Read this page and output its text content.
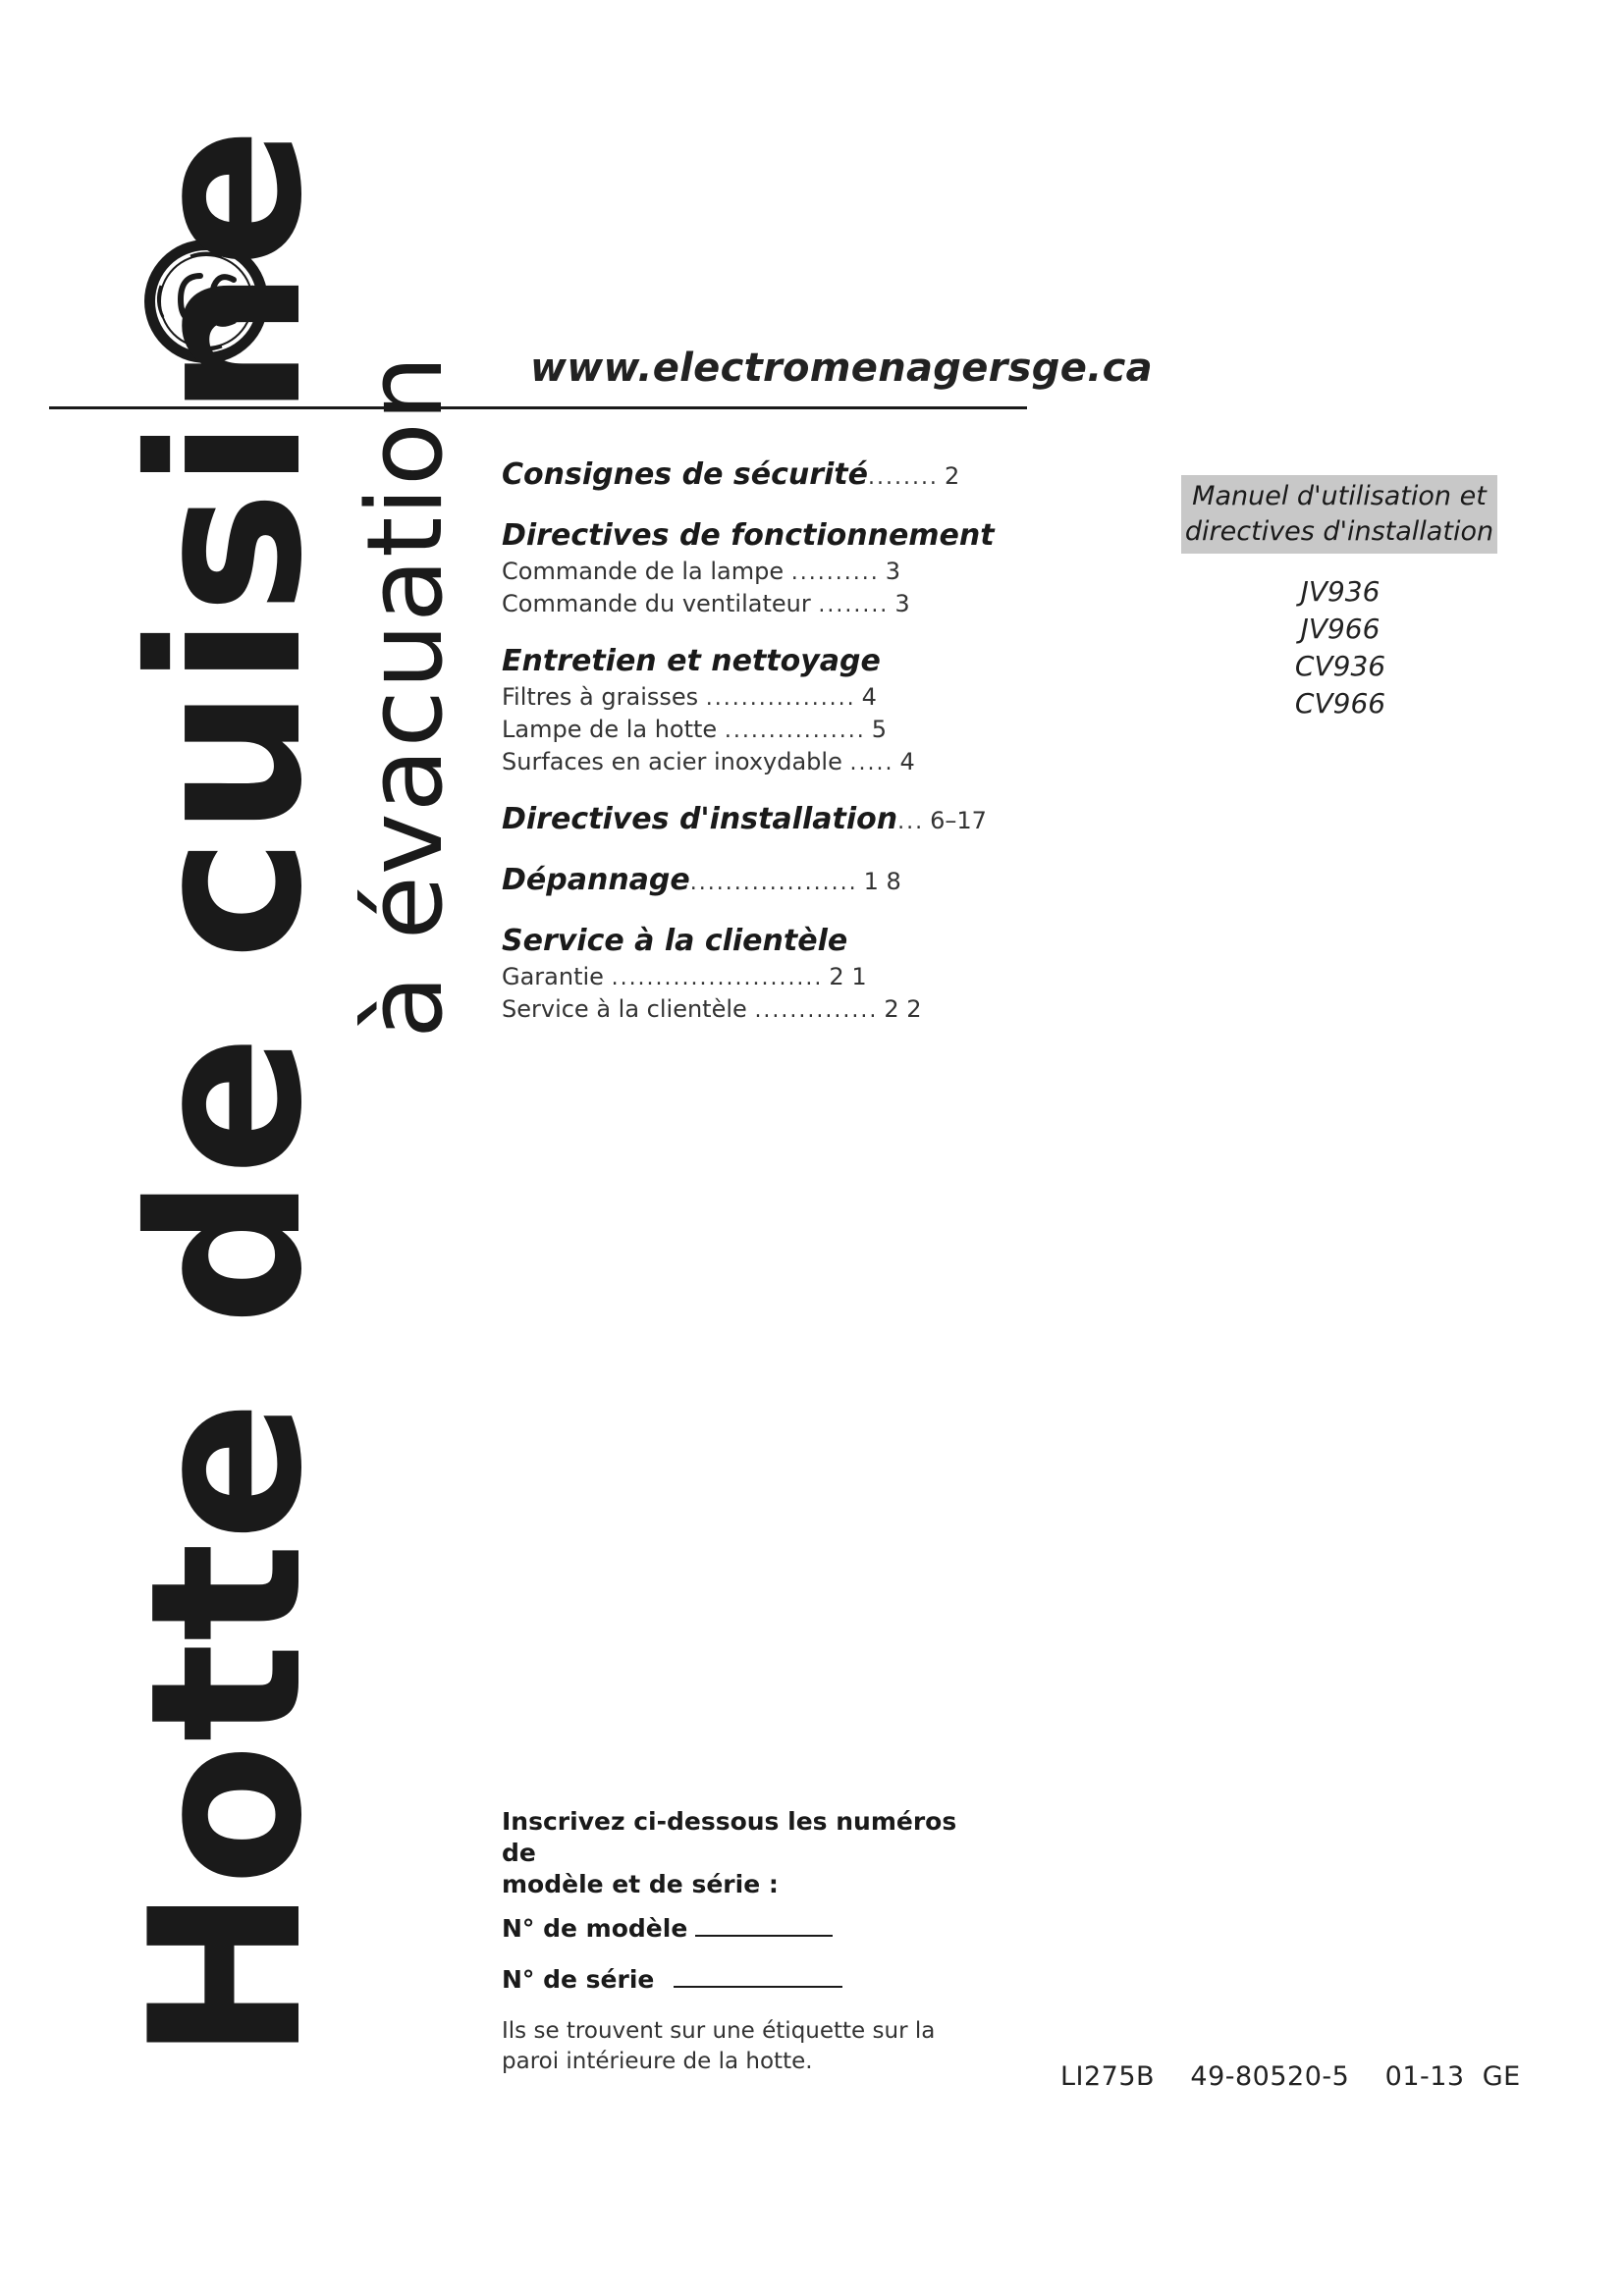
www.electromenagersge.ca
Hotte de cuisine
à évacuation Consignes de sécurité........ 2
Directives de fonctionnement
Commande de la lampe .......... 3
Commande du ventilateur ........ 3
Entretien et nettoyage
Filtres à graisses ................. 4
Lampe de la hotte ................ 5
Surfaces en acier inoxydable ..... 4
Directives d'installation... 6–17
Dépannage................... 1 8
Service à la clientèle
Garantie ........................ 2 1
Service à la clientèle .............. 2 2
Manuel d'utilisation et
directives d'installation
JV936
JV966
CV936
CV966
Inscrivez ci-dessous les numéros de
modèle et de série :
N° de modèle
N° de série
Ils se trouvent sur une étiquette sur la
paroi intérieure de la hotte.	LI275B    49-80520-5    01-13  GE
